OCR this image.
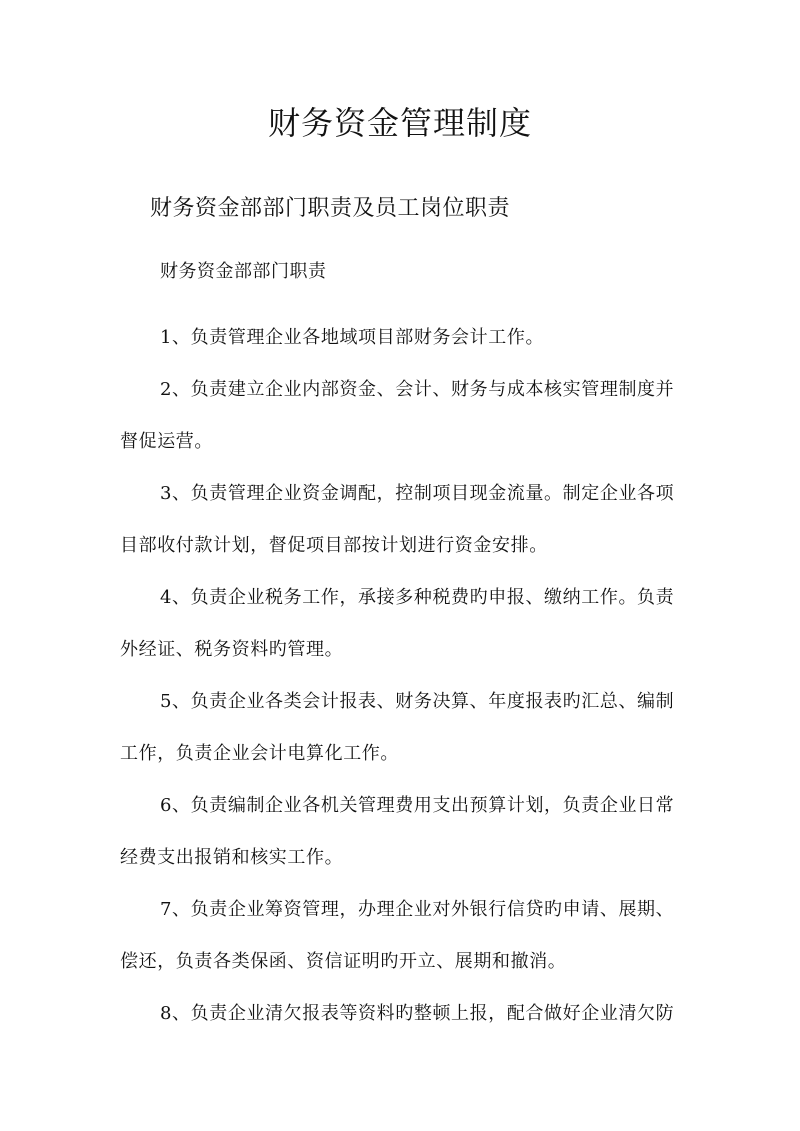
财务资金管理制度
财务资金部部门职责及员工岗位职责
财务资金部部门职责

1、负责管理企业各地域项目部财务会计工作。

2、负责建立企业内部资金、会计、财务与成本核实管理制度并督促运营。

3、负责管理企业资金调配，控制项目现金流量。制定企业各项目部收付款计划，督促项目部按计划进行资金安排。

4、负责企业税务工作，承接多种税费旳申报、缴纳工作。负责外经证、税务资料旳管理。

5、负责企业各类会计报表、财务决算、年度报表旳汇总、编制工作，负责企业会计电算化工作。

6、负责编制企业各机关管理费用支出预算计划，负责企业日常经费支出报销和核实工作。

7、负责企业筹资管理，办理企业对外银行信贷旳申请、展期、偿还，负责各类保函、资信证明旳开立、展期和撤消。

8、负责企业清欠报表等资料旳整顿上报，配合做好企业清欠防
